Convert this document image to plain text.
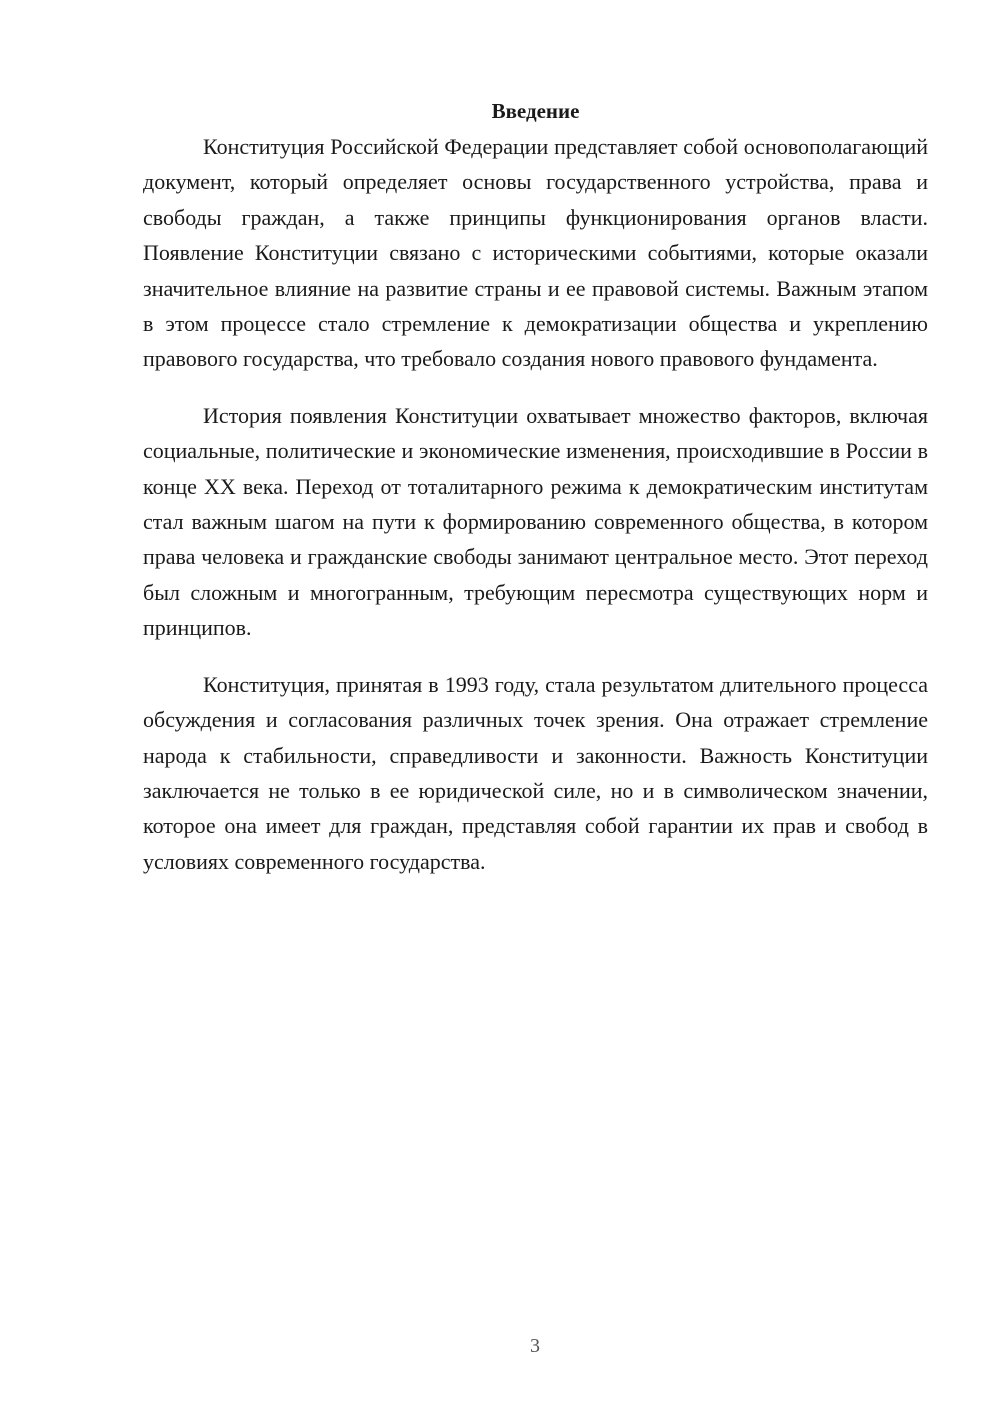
Введение

Конституция Российской Федерации представляет собой основополагающий документ, который определяет основы государственного устройства, права и свободы граждан, а также принципы функционирования органов власти. Появление Конституции связано с историческими событиями, которые оказали значительное влияние на развитие страны и ее правовой системы. Важным этапом в этом процессе стало стремление к демократизации общества и укреплению правового государства, что требовало создания нового правового фундамента.

История появления Конституции охватывает множество факторов, включая социальные, политические и экономические изменения, происходившие в России в конце XX века. Переход от тоталитарного режима к демократическим институтам стал важным шагом на пути к формированию современного общества, в котором права человека и гражданские свободы занимают центральное место. Этот переход был сложным и многогранным, требующим пересмотра существующих норм и принципов.

Конституция, принятая в 1993 году, стала результатом длительного процесса обсуждения и согласования различных точек зрения. Она отражает стремление народа к стабильности, справедливости и законности. Важность Конституции заключается не только в ее юридической силе, но и в символическом значении, которое она имеет для граждан, представляя собой гарантии их прав и свобод в условиях современного государства.

3
